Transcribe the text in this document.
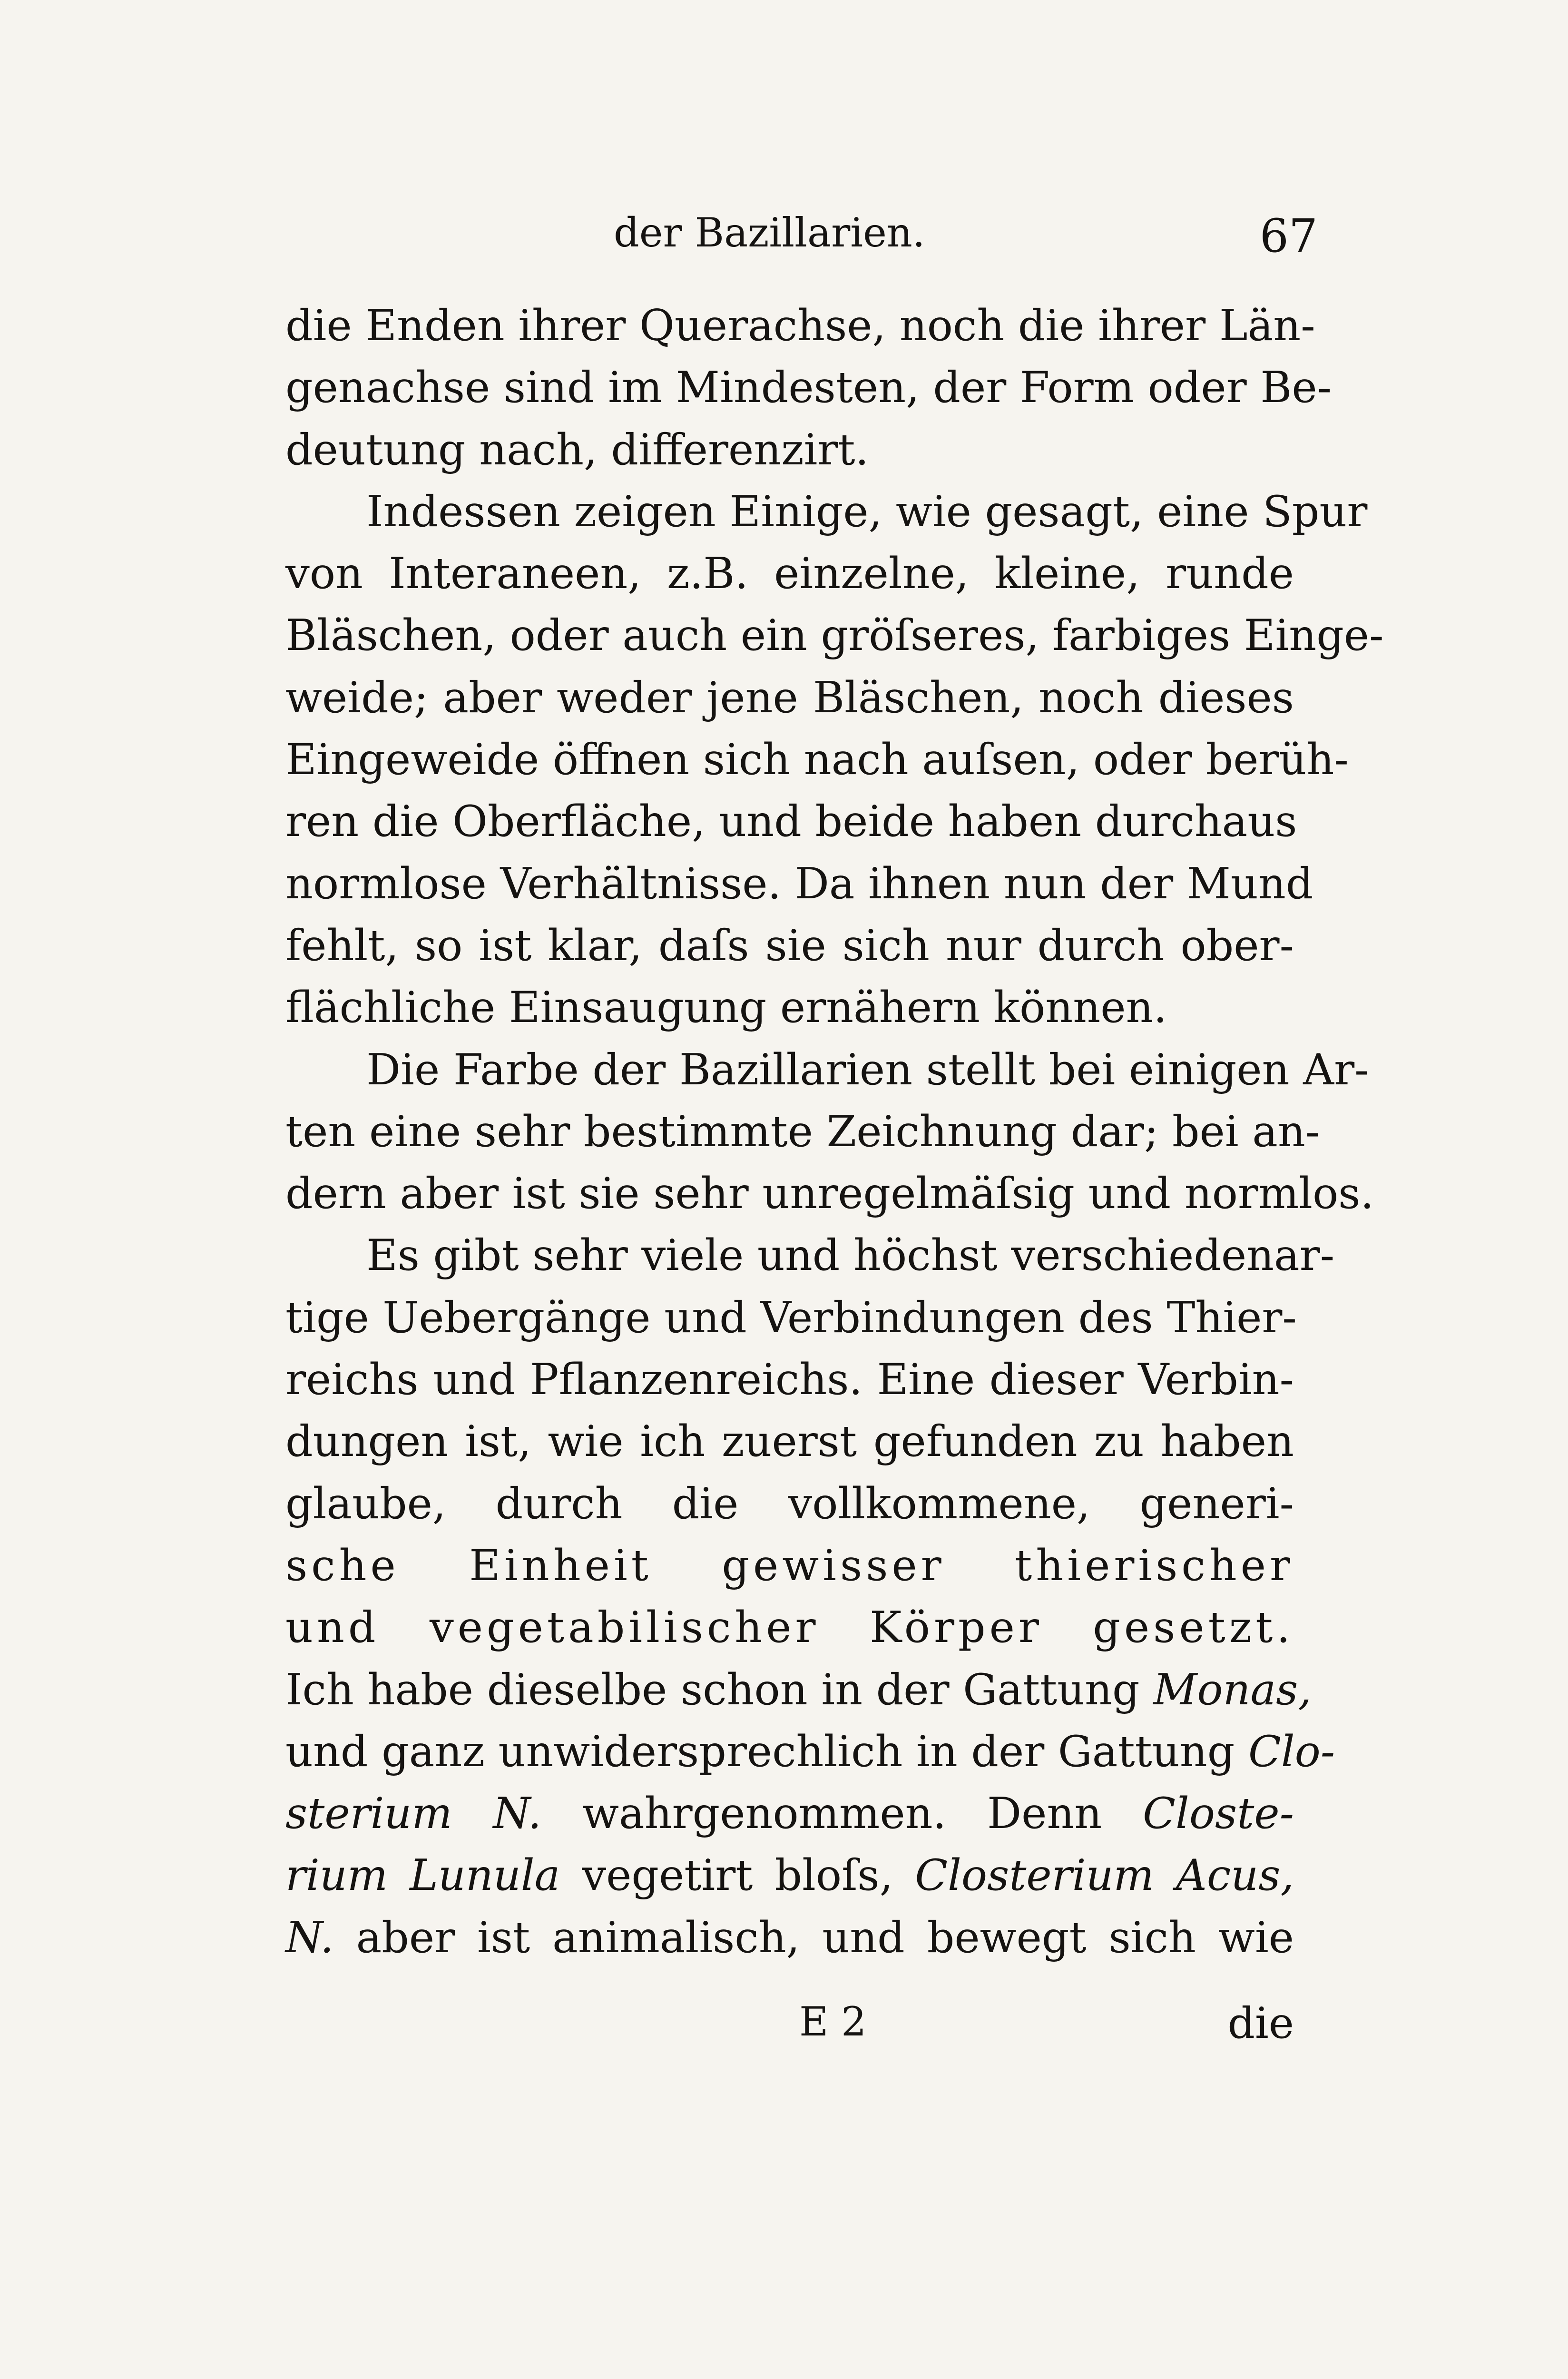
der Bazillarien.	67
die Enden ihrer Querachse, noch die ihrer Län-
genachse sind im Mindesten, der Form oder Be-
deutung nach, differenzirt.
Indessen zeigen Einige, wie gesagt, eine Spur
von Interaneen, z.B. einzelne, kleine, runde
Bläschen, oder auch ein gröſseres, farbiges Einge-
weide; aber weder jene Bläschen, noch dieses
Eingeweide öffnen sich nach auſsen, oder berüh-
ren die Oberfläche, und beide haben durchaus
normlose Verhältnisse. Da ihnen nun der Mund
fehlt, so ist klar, daſs sie sich nur durch ober-
flächliche Einsaugung ernähern können.
Die Farbe der Bazillarien stellt bei einigen Ar-
ten eine sehr bestimmte Zeichnung dar; bei an-
dern aber ist sie sehr unregelmäſsig und normlos.
Es gibt sehr viele und höchst verschiedenar-
tige Uebergänge und Verbindungen des Thier-
reichs und Pflanzenreichs. Eine dieser Verbin-
dungen ist, wie ich zuerst gefunden zu haben
glaube, durch die vollkommene, generi-
sche Einheit gewisser thierischer
und vegetabilischer Körper gesetzt.
Ich habe dieselbe schon in der Gattung Monas,
und ganz unwidersprechlich in der Gattung Clo-
sterium N. wahrgenommen. Denn Closte-
rium Lunula vegetirt bloſs, Closterium Acus,
N. aber ist animalisch, und bewegt sich wie
E 2	die
